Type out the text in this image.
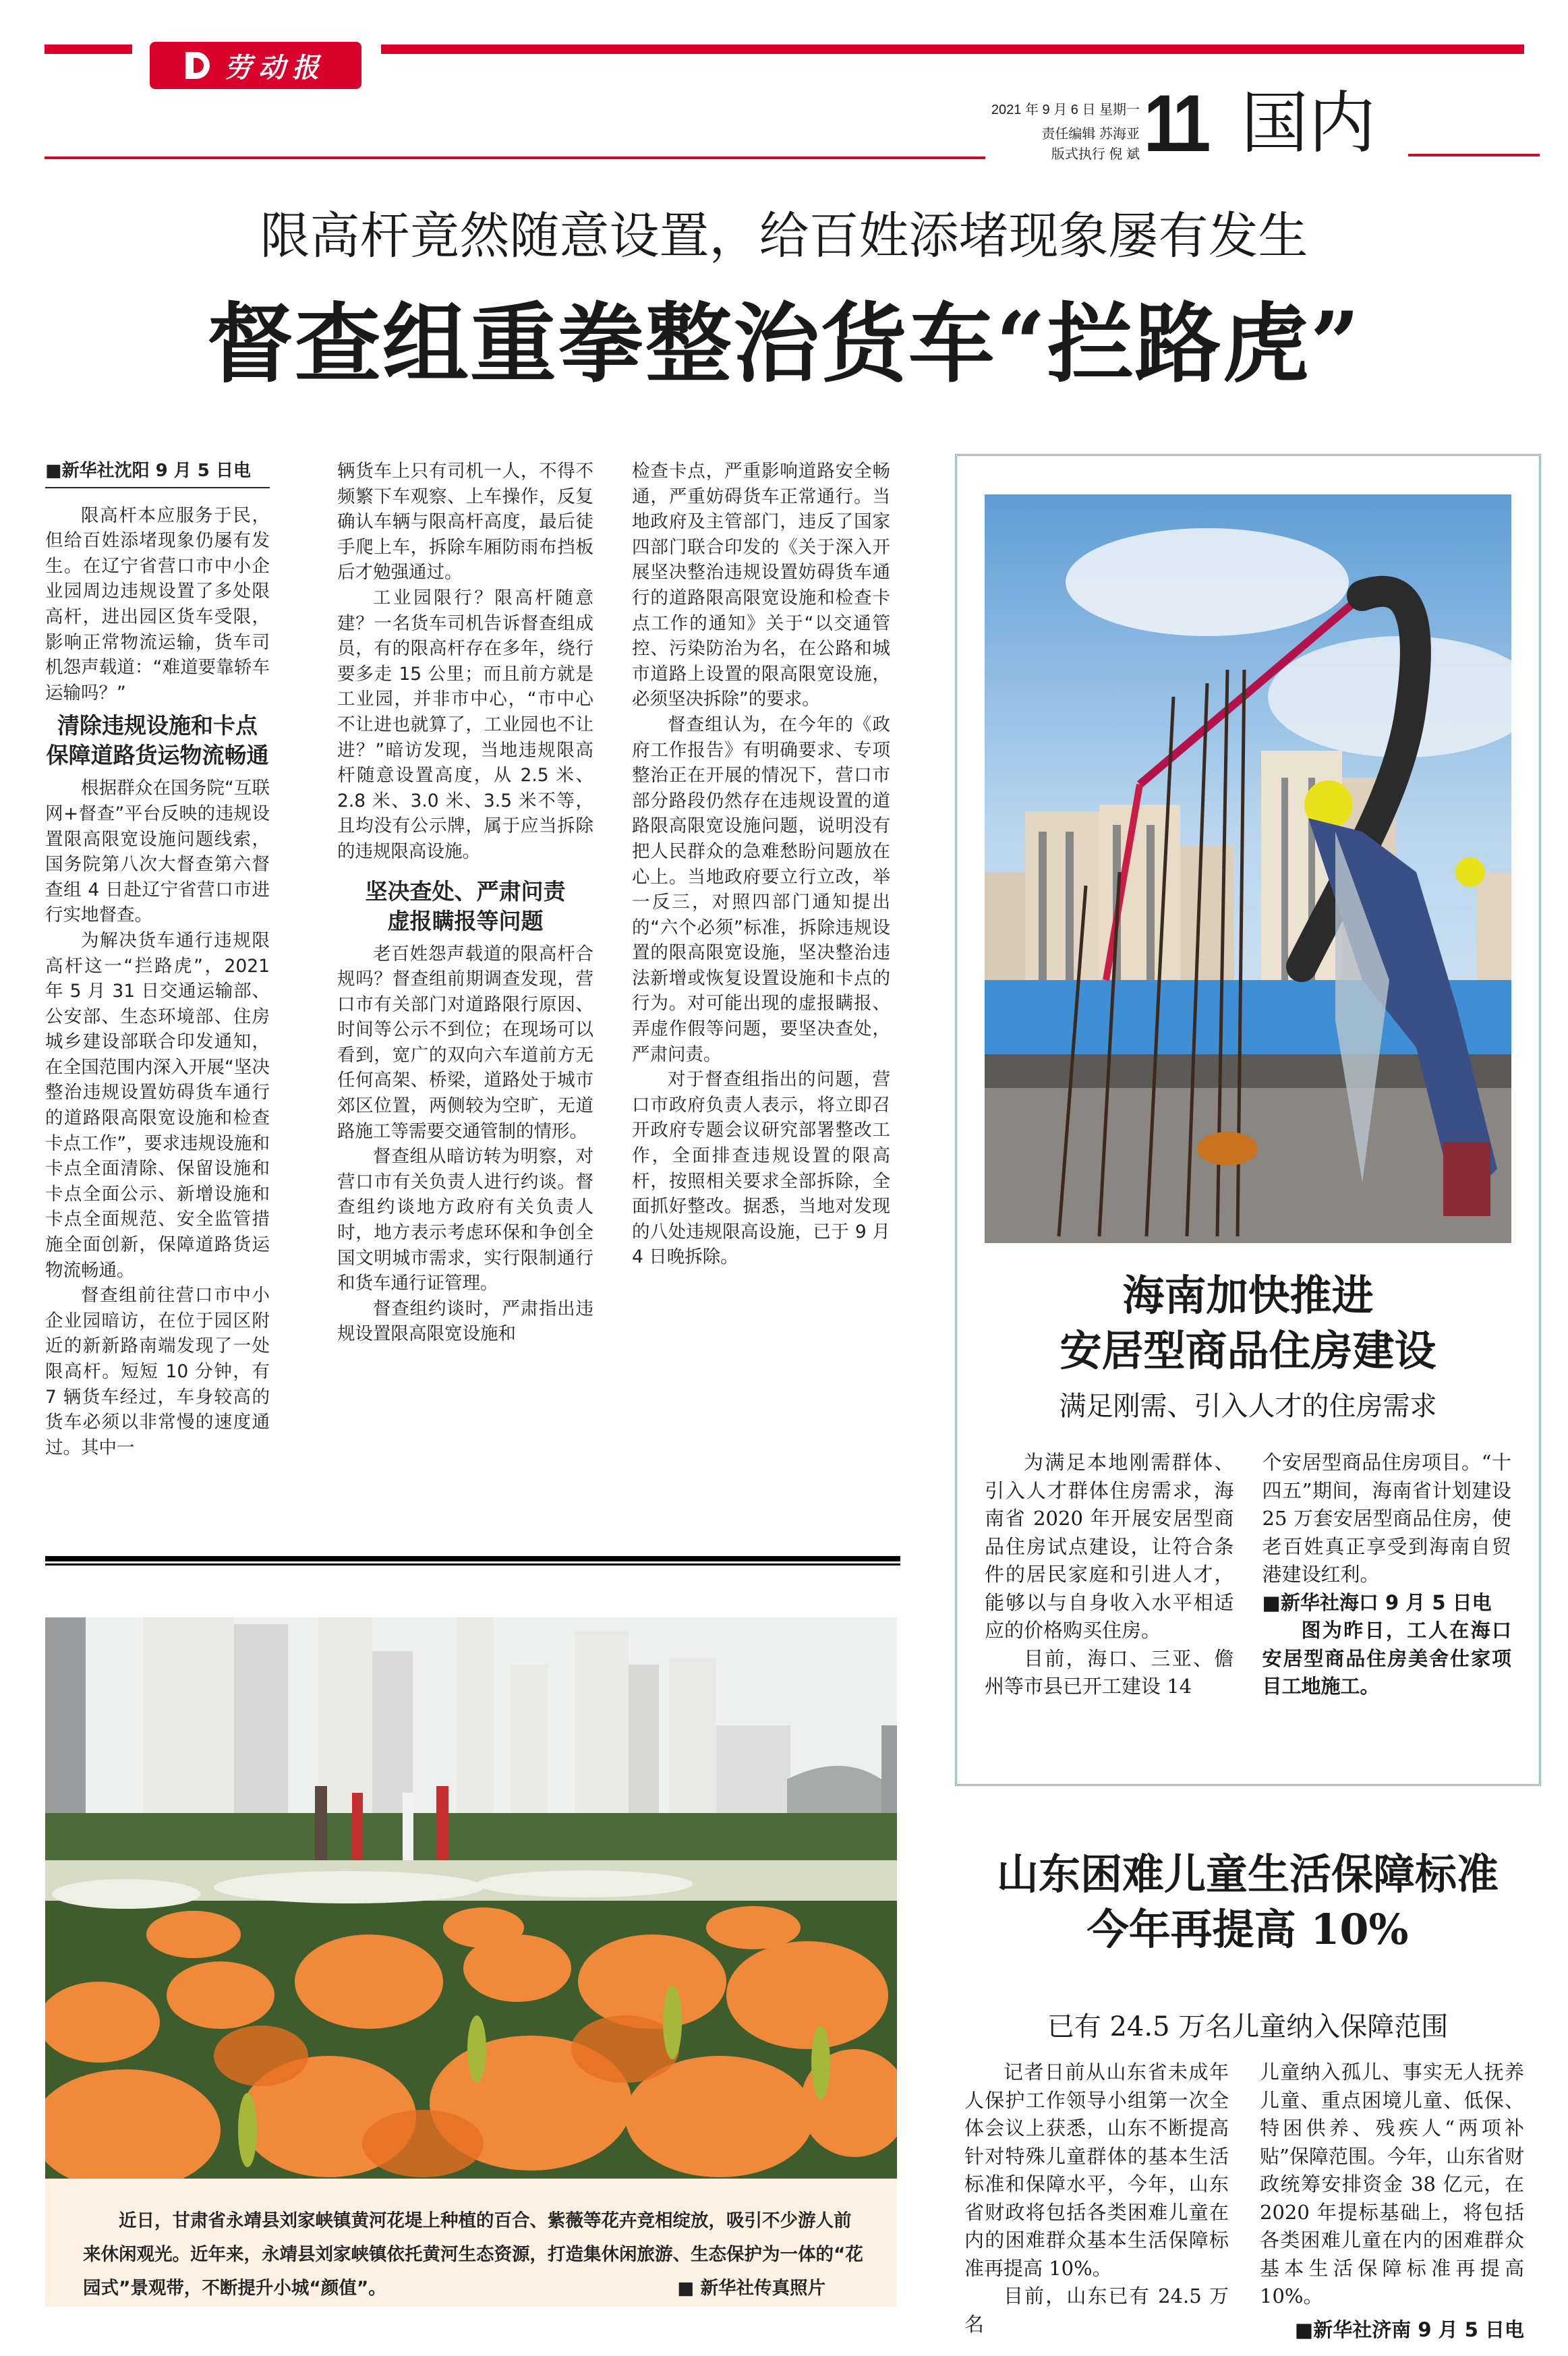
劳动报
2021 年 9 月 6 日 星期一
责任编辑 苏海亚
版式执行 倪 斌 11 国内
限高杆竟然随意设置，给百姓添堵现象屡有发生
督查组重拳整治货车“拦路虎”
■新华社沈阳 9 月 5 日电

限高杆本应服务于民，但给百姓添堵现象仍屡有发生。在辽宁省营口市中小企业园周边违规设置了多处限高杆，进出园区货车受限，影响正常物流运输，货车司机怨声载道：“难道要靠轿车运输吗？”

清除违规设施和卡点
保障道路货运物流畅通

根据群众在国务院“互联网+督查”平台反映的违规设置限高限宽设施问题线索，国务院第八次大督查第六督查组 4 日赴辽宁省营口市进行实地督查。

为解决货车通行违规限高杆这一“拦路虎”，2021 年 5 月 31 日交通运输部、公安部、生态环境部、住房城乡建设部联合印发通知，在全国范围内深入开展“坚决整治违规设置妨碍货车通行的道路限高限宽设施和检查卡点工作”，要求违规设施和卡点全面清除、保留设施和卡点全面公示、新增设施和卡点全面规范、安全监管措施全面创新，保障道路货运物流畅通。

督查组前往营口市中小企业园暗访，在位于园区附近的新新路南端发现了一处限高杆。短短 10 分钟，有 7 辆货车经过，车身较高的货车必须以非常慢的速度通过。其中一

辆货车上只有司机一人，不得不频繁下车观察、上车操作，反复确认车辆与限高杆高度，最后徒手爬上车，拆除车厢防雨布挡板后才勉强通过。

工业园限行？限高杆随意建？一名货车司机告诉督查组成员，有的限高杆存在多年，绕行要多走 15 公里；而且前方就是工业园，并非市中心，“市中心不让进也就算了，工业园也不让进？”暗访发现，当地违规限高杆随意设置高度，从 2.5 米、2.8 米、3.0 米、3.5 米不等，且均没有公示牌，属于应当拆除的违规限高设施。

坚决查处、严肃问责
虚报瞒报等问题

老百姓怨声载道的限高杆合规吗？督查组前期调查发现，营口市有关部门对道路限行原因、时间等公示不到位；在现场可以看到，宽广的双向六车道前方无任何高架、桥梁，道路处于城市郊区位置，两侧较为空旷，无道路施工等需要交通管制的情形。

督查组从暗访转为明察，对营口市有关负责人进行约谈。督查组约谈地方政府有关负责人时，地方表示考虑环保和争创全国文明城市需求，实行限制通行和货车通行证管理。

督查组约谈时，严肃指出违规设置限高限宽设施和

检查卡点，严重影响道路安全畅通，严重妨碍货车正常通行。当地政府及主管部门，违反了国家四部门联合印发的《关于深入开展坚决整治违规设置妨碍货车通行的道路限高限宽设施和检查卡点工作的通知》关于“以交通管控、污染防治为名，在公路和城市道路上设置的限高限宽设施，必须坚决拆除”的要求。

督查组认为，在今年的《政府工作报告》有明确要求、专项整治正在开展的情况下，营口市部分路段仍然存在违规设置的道路限高限宽设施问题，说明没有把人民群众的急难愁盼问题放在心上。当地政府要立行立改，举一反三，对照四部门通知提出的“六个必须”标准，拆除违规设置的限高限宽设施，坚决整治违法新增或恢复设置设施和卡点的行为。对可能出现的虚报瞒报、弄虚作假等问题，要坚决查处，严肃问责。

对于督查组指出的问题，营口市政府负责人表示，将立即召开政府专题会议研究部署整改工作，全面排查违规设置的限高杆，按照相关要求全部拆除，全面抓好整改。据悉，当地对发现的八处违规限高设施，已于 9 月 4 日晚拆除。

海南加快推进
安居型商品住房建设
满足刚需、引入人才的住房需求

为满足本地刚需群体、引入人才群体住房需求，海南省 2020 年开展安居型商品住房试点建设，让符合条件的居民家庭和引进人才，能够以与自身收入水平相适应的价格购买住房。

目前，海口、三亚、儋州等市县已开工建设 14

个安居型商品住房项目。“十四五”期间，海南省计划建设 25 万套安居型商品住房，使老百姓真正享受到海南自贸港建设红利。

■新华社海口 9 月 5 日电

图为昨日，工人在海口安居型商品住房美舍仕家项目工地施工。

近日，甘肃省永靖县刘家峡镇黄河花堤上种植的百合、紫薇等花卉竞相绽放，吸引不少游人前来休闲观光。近年来，永靖县刘家峡镇依托黄河生态资源，打造集休闲旅游、生态保护为一体的“花园式”景观带，不断提升小城“颜值”。	■ 新华社传真照片
山东困难儿童生活保障标准
今年再提高 10%
已有 24.5 万名儿童纳入保障范围

记者日前从山东省未成年人保护工作领导小组第一次全体会议上获悉，山东不断提高针对特殊儿童群体的基本生活标准和保障水平，今年，山东省财政将包括各类困难儿童在内的困难群众基本生活保障标准再提高 10%。

目前，山东已有 24.5 万名

儿童纳入孤儿、事实无人抚养儿童、重点困境儿童、低保、特困供养、残疾人“两项补贴”保障范围。今年，山东省财政统筹安排资金 38 亿元，在 2020 年提标基础上，将包括各类困难儿童在内的困难群众基本生活保障标准再提高 10%。

■新华社济南 9 月 5 日电
